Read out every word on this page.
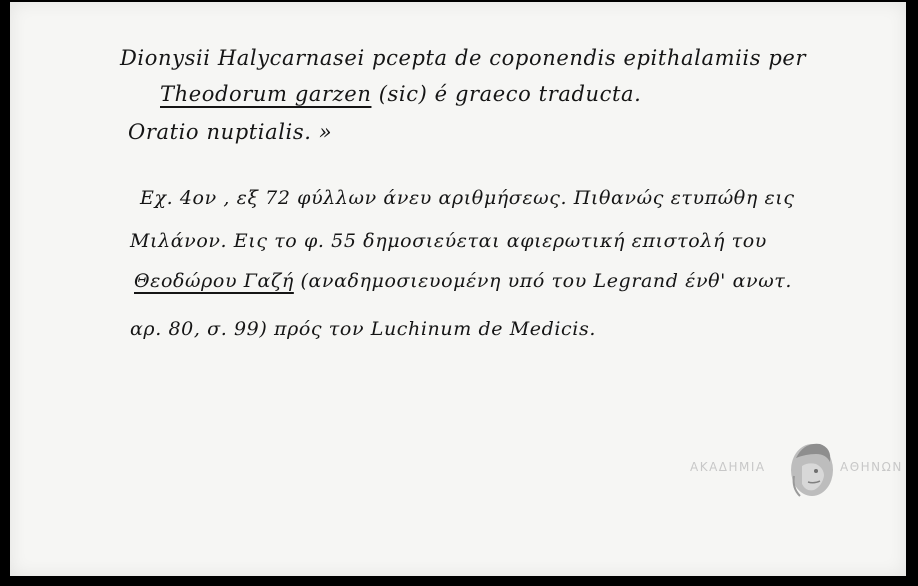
Dionysii Halycarnasei pcepta de coponendis epithalamiis per
Theodorum garzen (sic) é graeco traducta.
Oratio nuptialis. »
Εχ. 4ον , εξ 72 φύλλων άνευ αριθμήσεως. Πιθανώς ετυπώθη εις
Μιλάνον. Εις το φ. 55 δημοσιεύεται αφιερωτική επιστολή του
Θεοδώρου Γαζή (αναδημοσιευομένη υπό του Legrand ένθ' ανωτ.
αρ. 80, σ. 99) πρός τον Luchinum de Medicis.
ΑΚΑΔΗΜΙΑ	ΑΘΗΝΩΝ
